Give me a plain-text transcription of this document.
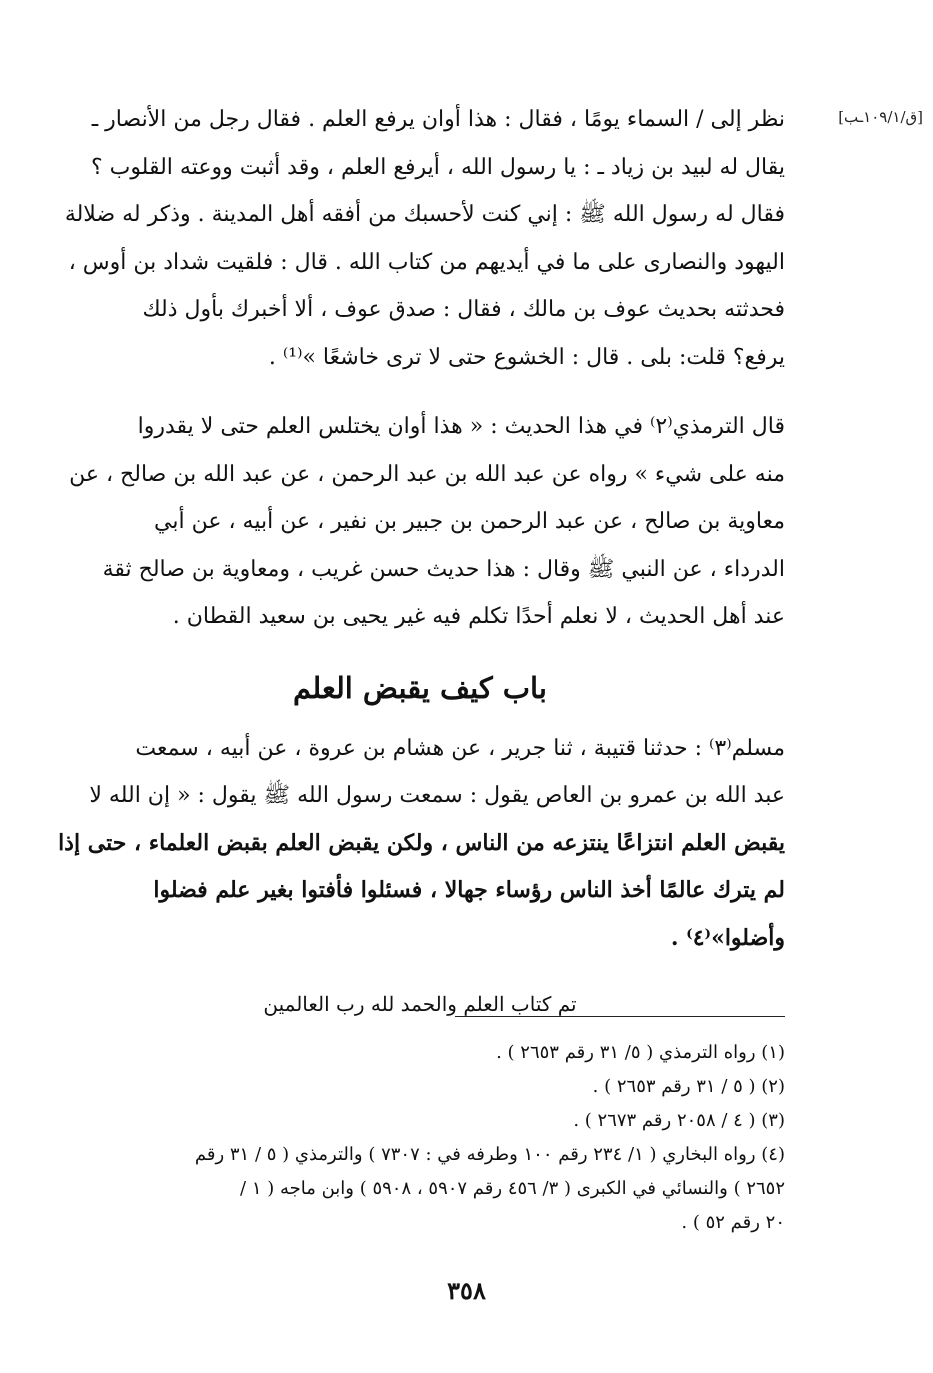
[ق/١٠٩/١ـب]

نظر إلى / السماء يومًا ، فقال : هذا أوان يرفع العلم . فقال رجل من الأنصار ـ
يقال له لبيد بن زياد ـ : يا رسول الله ، أيرفع العلم ، وقد أثبت ووعته القلوب ؟
فقال له رسول الله ﷺ : إني كنت لأحسبك من أفقه أهل المدينة . وذكر له ضلالة
اليهود والنصارى على ما في أيديهم من كتاب الله . قال : فلقيت شداد بن أوس ،
فحدثته بحديث عوف بن مالك ، فقال : صدق عوف ، ألا أخبرك بأول ذلك
يرفع؟ قلت: بلى . قال : الخشوع حتى لا ترى خاشعًا »⁽¹⁾ .

قال الترمذي⁽٢⁾ في هذا الحديث : « هذا أوان يختلس العلم حتى لا يقدروا
منه على شيء » رواه عن عبد الله بن عبد الرحمن ، عن عبد الله بن صالح ، عن
معاوية بن صالح ، عن عبد الرحمن بن جبير بن نفير ، عن أبيه ، عن أبي
الدرداء ، عن النبي ﷺ وقال : هذا حديث حسن غريب ، ومعاوية بن صالح ثقة
عند أهل الحديث ، لا نعلم أحدًا تكلم فيه غير يحيى بن سعيد القطان .

باب كيف يقبض العلم

مسلم⁽٣⁾ : حدثنا قتيبة ، ثنا جرير ، عن هشام بن عروة ، عن أبيه ، سمعت
عبد الله بن عمرو بن العاص يقول : سمعت رسول الله ﷺ يقول : « إن الله لا
يقبض العلم انتزاعًا ينتزعه من الناس ، ولكن يقبض العلم بقبض العلماء ، حتى إذا
لم يترك عالمًا أخذ الناس رؤساء جهالا ، فسئلوا فأفتوا بغير علم فضلوا
وأضلوا»⁽٤⁾ .

تم كتاب العلم والحمد لله رب العالمين

(١) رواه الترمذي ( ٥/ ٣١ رقم ٢٦٥٣ ) .

(٢) ( ٥ / ٣١ رقم ٢٦٥٣ ) .

(٣) ( ٤ / ٢٠٥٨ رقم ٢٦٧٣ ) .

(٤) رواه البخاري ( ١/ ٢٣٤ رقم ١٠٠ وطرفه في : ٧٣٠٧ ) والترمذي ( ٥ / ٣١ رقم

٢٦٥٢ ) والنسائي في الكبرى ( ٣/ ٤٥٦ رقم ٥٩٠٧ ، ٥٩٠٨ ) وابن ماجه ( ١ /

٢٠ رقم ٥٢ ) .

٣٥٨
